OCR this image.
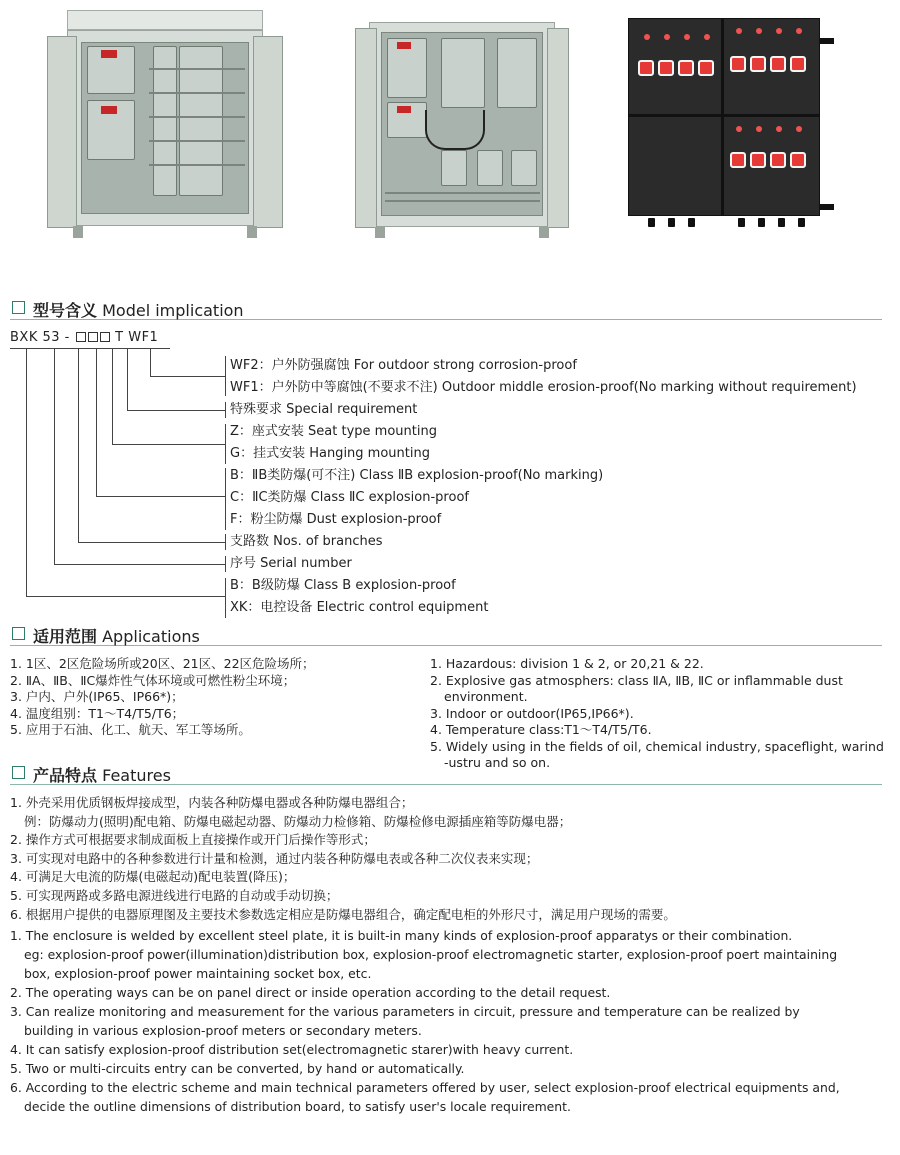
型号含义 Model implication
BXK 53 -	T WF1
WF2：户外防强腐蚀 For outdoor strong corrosion-proof
WF1：户外防中等腐蚀(不要求不注) Outdoor middle erosion-proof(No marking without requirement)
特殊要求 Special requirement
Z：座式安装 Seat type mounting
G：挂式安装 Hanging mounting
B：ⅡB类防爆(可不注) Class ⅡB explosion-proof(No marking)
C：ⅡC类防爆 Class ⅡC explosion-proof
F：粉尘防爆 Dust explosion-proof
支路数 Nos. of branches
序号 Serial number
B：B级防爆 Class B explosion-proof
XK：电控设备 Electric control equipment
适用范围 Applications
1. 1区、2区危险场所或20区、21区、22区危险场所；
2. ⅡA、ⅡB、ⅡC爆炸性气体环境或可燃性粉尘环境；
3. 户内、户外(IP65、IP66*)；
4. 温度组别：T1～T4/T5/T6；
5. 应用于石油、化工、航天、军工等场所。
1. Hazardous: division 1 & 2, or 20,21 & 22.
2. Explosive gas atmosphers: class ⅡA, ⅡB, ⅡC or inflammable dust
environment.
3. Indoor or outdoor(IP65,IP66*).
4. Temperature class:T1～T4/T5/T6.
5. Widely using in the fields of oil, chemical industry, spaceflight, warind
-ustru and so on.
产品特点 Features
1. 外壳采用优质钢板焊接成型，内装各种防爆电器或各种防爆电器组合；
例：防爆动力(照明)配电箱、防爆电磁起动器、防爆动力检修箱、防爆检修电源插座箱等防爆电器；
2. 操作方式可根据要求制成面板上直接操作或开门后操作等形式；
3. 可实现对电路中的各种参数进行计量和检测，通过内装各种防爆电表或各种二次仪表来实现；
4. 可满足大电流的防爆(电磁起动)配电装置(降压)；
5. 可实现两路或多路电源进线进行电路的自动或手动切换；
6. 根据用户提供的电器原理图及主要技术参数选定相应是防爆电器组合，确定配电柜的外形尺寸，满足用户现场的需要。
1. The enclosure is welded by excellent steel plate, it is built-in many kinds of explosion-proof apparatys or their combination.
eg: explosion-proof power(illumination)distribution box, explosion-proof electromagnetic starter, explosion-proof poert maintaining
box, explosion-proof power maintaining socket box, etc.
2. The operating ways can be on panel direct or inside operation according to the detail request.
3. Can realize monitoring and measurement for the various parameters in circuit, pressure and temperature can be realized by
building in various explosion-proof meters or secondary meters.
4. It can satisfy explosion-proof distribution set(electromagnetic starer)with heavy current.
5. Two or multi-circuits entry can be converted, by hand or automatically.
6. According to the electric scheme and main technical parameters offered by user, select explosion-proof electrical equipments and,
decide the outline dimensions of distribution board, to satisfy user's locale requirement.
